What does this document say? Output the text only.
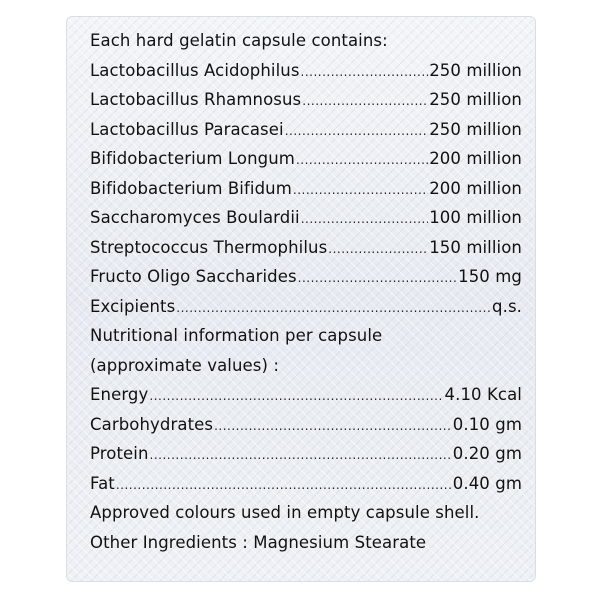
Each hard gelatin capsule contains:
Lactobacillus Acidophilus .....	250 million
Lactobacillus Rhamnosus .....	250 million
Lactobacillus Paracasei .....	250 million
Bifidobacterium Longum .....	200 million
Bifidobacterium Bifidum .....	200 million
Saccharomyces Boulardii .....	100 million
Streptococcus Thermophilus .....	150 million
Fructo Oligo Saccharides .....	150 mg
Excipients .....	q.s.
Nutritional information per capsule
(approximate values) :
Energy .....	4.10 Kcal
Carbohydrates .....	0.10 gm
Protein .....	0.20 gm
Fat .....	0.40 gm
Approved colours used in empty capsule shell.
Other Ingredients : Magnesium Stearate
